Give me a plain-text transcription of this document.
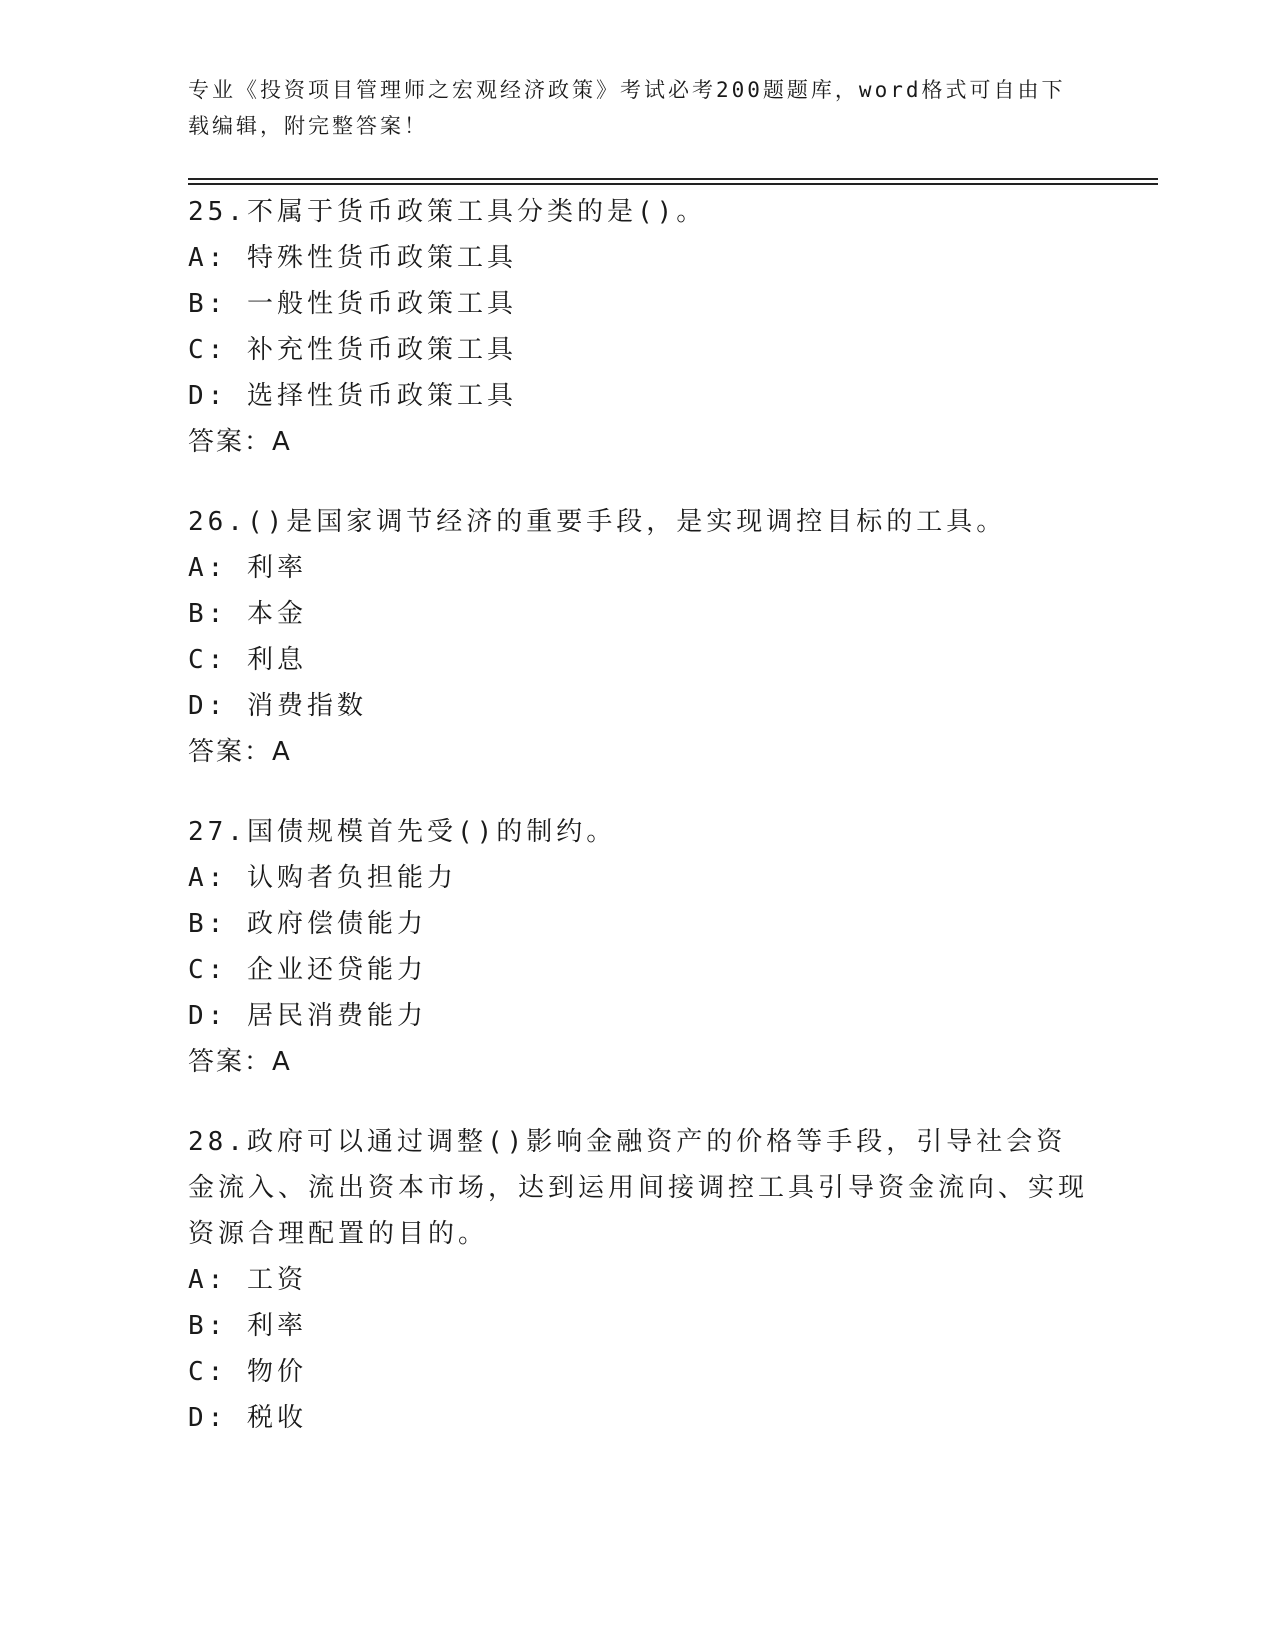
专业《投资项目管理师之宏观经济政策》考试必考200题题库，word格式可自由下载编辑，附完整答案！
25.不属于货币政策工具分类的是()。
A: 特殊性货币政策工具
B: 一般性货币政策工具
C: 补充性货币政策工具
D: 选择性货币政策工具
答案：A
26.()是国家调节经济的重要手段，是实现调控目标的工具。
A: 利率
B: 本金
C: 利息
D: 消费指数
答案：A
27.国债规模首先受()的制约。
A: 认购者负担能力
B: 政府偿债能力
C: 企业还贷能力
D: 居民消费能力
答案：A
28.政府可以通过调整()影响金融资产的价格等手段，引导社会资金流入、流出资本市场，达到运用间接调控工具引导资金流向、实现资源合理配置的目的。
A: 工资
B: 利率
C: 物价
D: 税收
